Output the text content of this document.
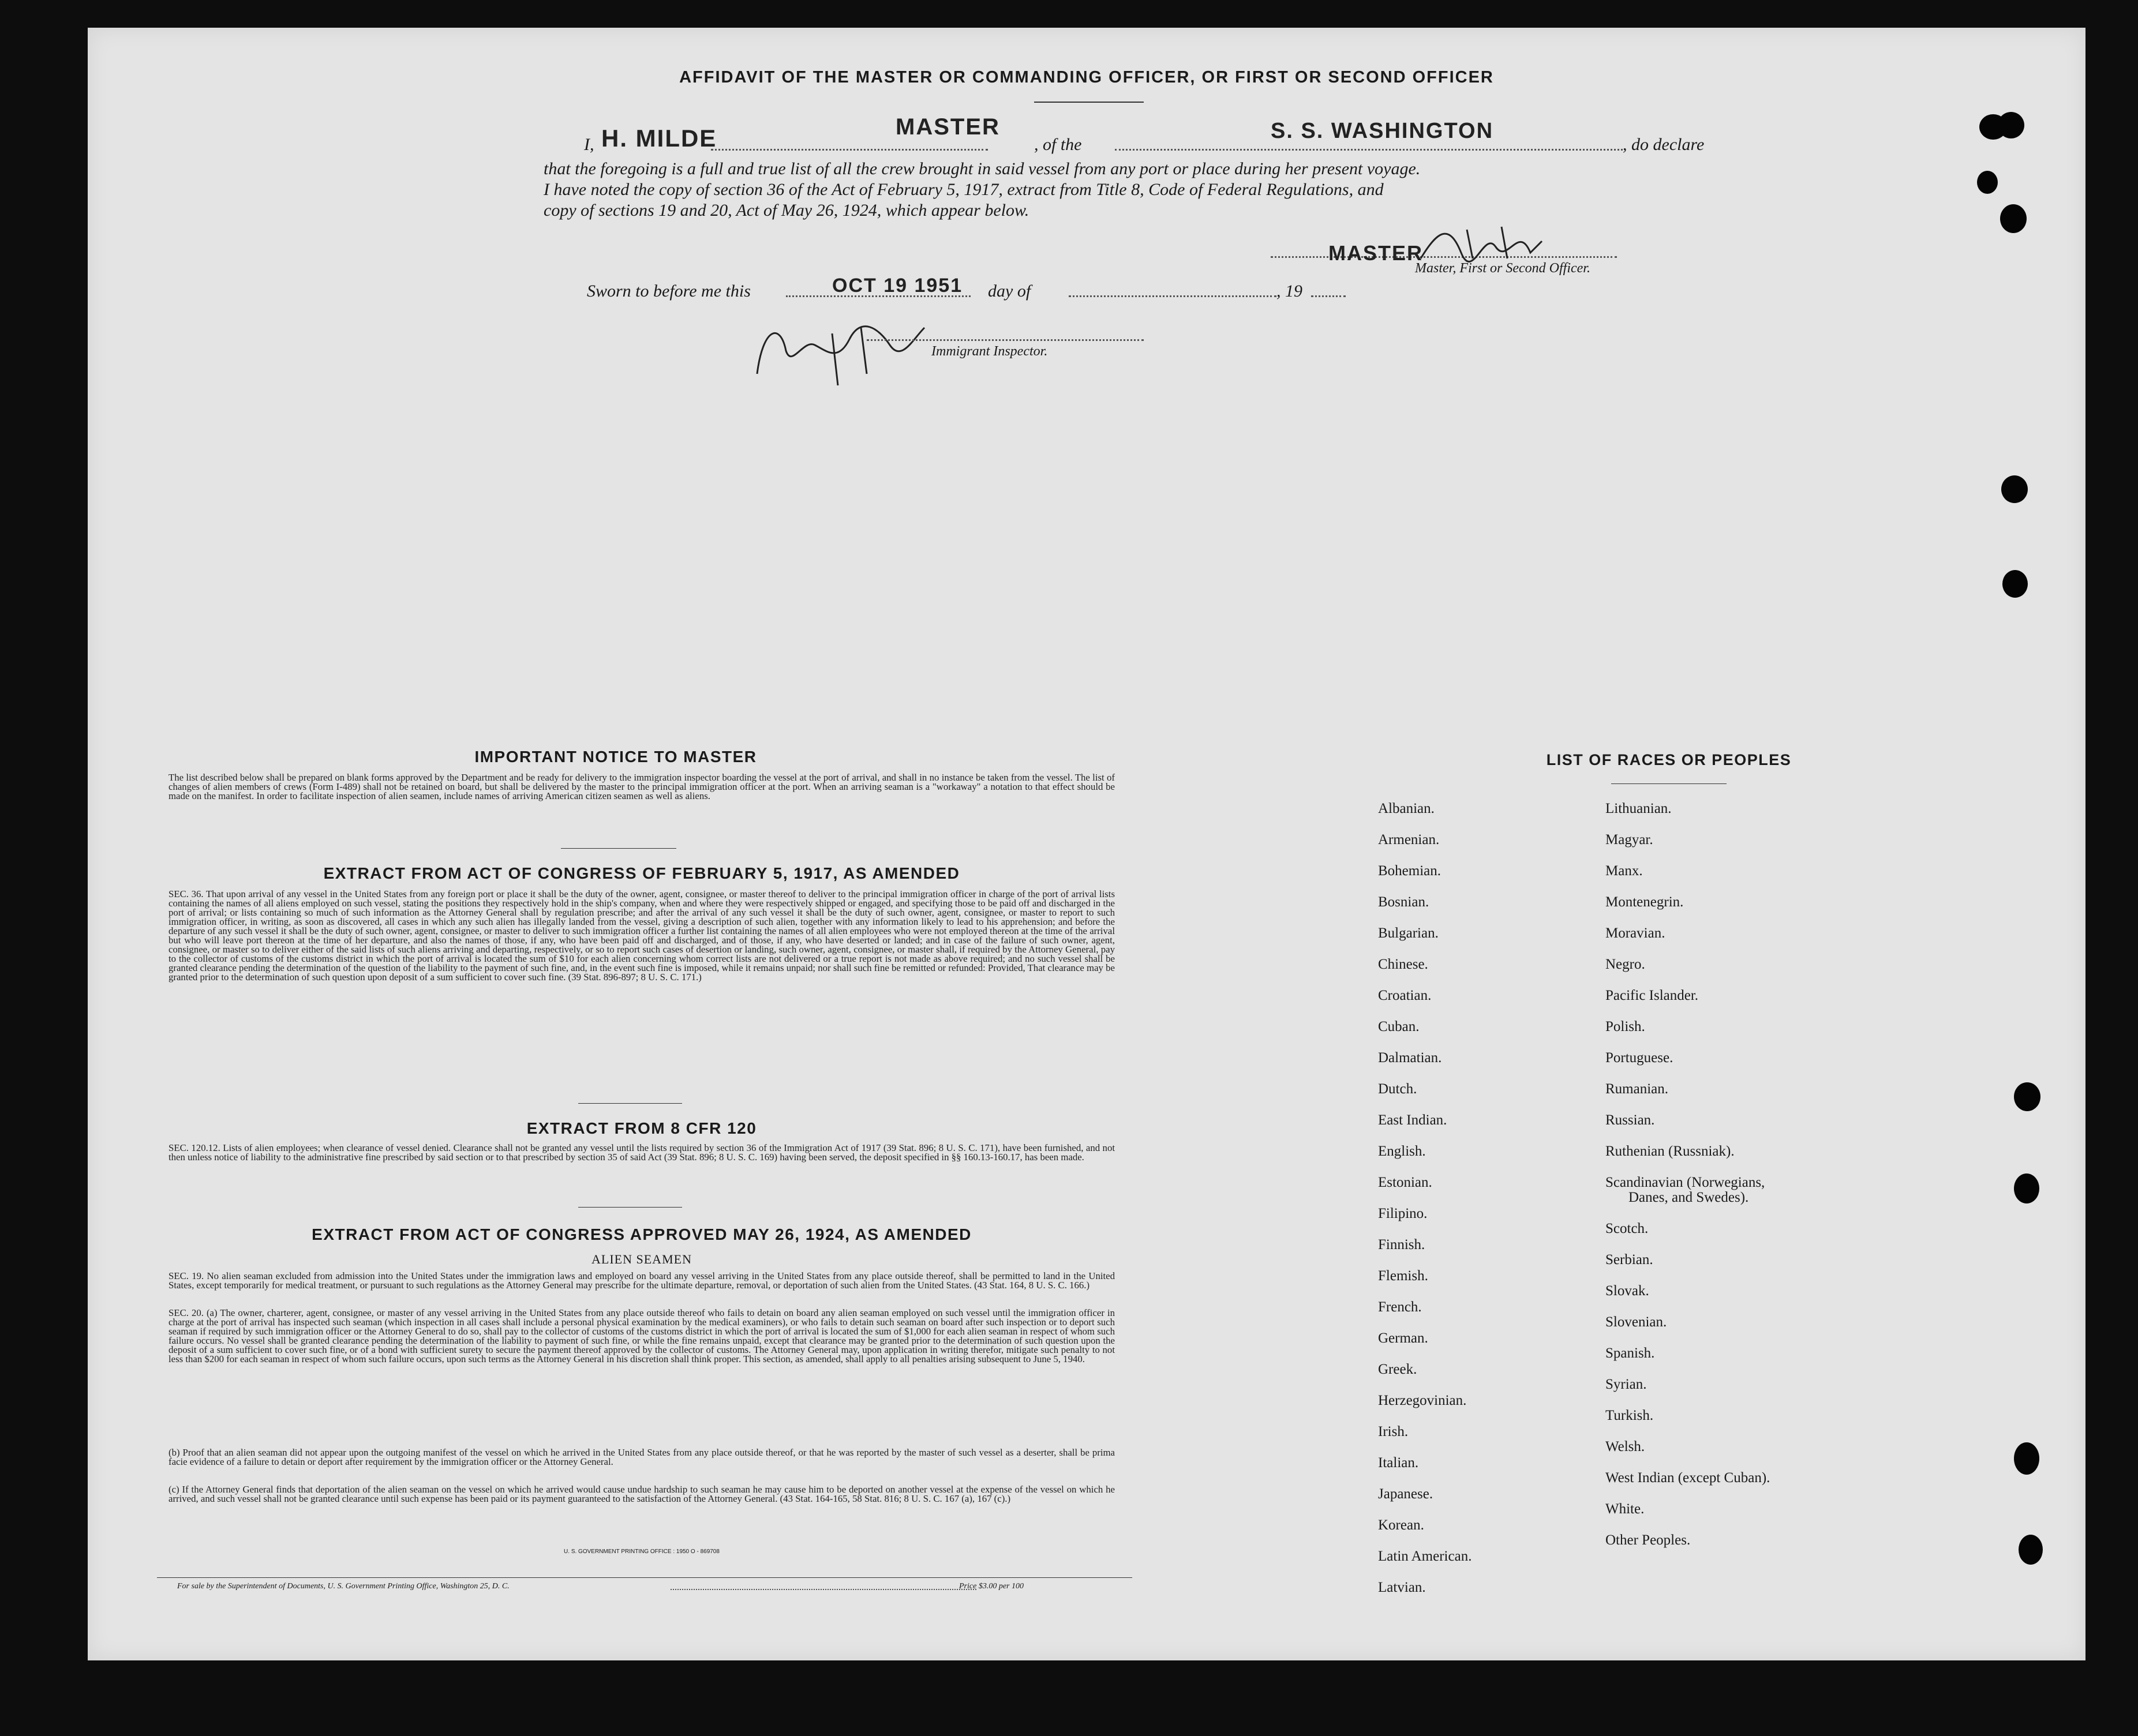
AFFIDAVIT OF THE MASTER OR COMMANDING OFFICER, OR FIRST OR SECOND OFFICER
I, H. MILDE	MASTER
, of the
S. S. WASHINGTON
, do declare
that the foregoing is a full and true list of all the crew brought in said vessel from any port or place during her present voyage.
I have noted the copy of section 36 of the Act of February 5, 1917, extract from Title 8, Code of Federal Regulations, and
copy of sections 19 and 20, Act of May 26, 1924, which appear below.
MASTER
Master, First or Second Officer.
Sworn to before me this	OCT 19 1951 day of	, 19
Immigrant Inspector.
IMPORTANT NOTICE TO MASTER
The list described below shall be prepared on blank forms approved by the Department and be ready for delivery to the immigration inspector boarding the vessel at the port of arrival, and shall in no instance be taken from the vessel. The list of changes of alien members of crews (Form I-489) shall not be retained on board, but shall be delivered by the master to the principal immigration officer at the port. When an arriving seaman is a "workaway" a notation to that effect should be made on the manifest. In order to facilitate inspection of alien seamen, include names of arriving American citizen seamen as well as aliens.
EXTRACT FROM ACT OF CONGRESS OF FEBRUARY 5, 1917, AS AMENDED
SEC. 36. That upon arrival of any vessel in the United States from any foreign port or place it shall be the duty of the owner, agent, consignee, or master thereof to deliver to the principal immigration officer in charge of the port of arrival lists containing the names of all aliens employed on such vessel, stating the positions they respectively hold in the ship's company, when and where they were respectively shipped or engaged, and specifying those to be paid off and discharged in the port of arrival; or lists containing so much of such information as the Attorney General shall by regulation prescribe; and after the arrival of any such vessel it shall be the duty of such owner, agent, consignee, or master to report to such immigration officer, in writing, as soon as discovered, all cases in which any such alien has illegally landed from the vessel, giving a description of such alien, together with any information likely to lead to his apprehension; and before the departure of any such vessel it shall be the duty of such owner, agent, consignee, or master to deliver to such immigration officer a further list containing the names of all alien employees who were not employed thereon at the time of the arrival but who will leave port thereon at the time of her departure, and also the names of those, if any, who have been paid off and discharged, and of those, if any, who have deserted or landed; and in case of the failure of such owner, agent, consignee, or master so to deliver either of the said lists of such aliens arriving and departing, respectively, or so to report such cases of desertion or landing, such owner, agent, consignee, or master shall, if required by the Attorney General, pay to the collector of customs of the customs district in which the port of arrival is located the sum of $10 for each alien concerning whom correct lists are not delivered or a true report is not made as above required; and no such vessel shall be granted clearance pending the determination of the question of the liability to the payment of such fine, and, in the event such fine is imposed, while it remains unpaid; nor shall such fine be remitted or refunded: Provided, That clearance may be granted prior to the determination of such question upon deposit of a sum sufficient to cover such fine. (39 Stat. 896-897; 8 U. S. C. 171.)
EXTRACT FROM 8 CFR 120
SEC. 120.12. Lists of alien employees; when clearance of vessel denied. Clearance shall not be granted any vessel until the lists required by section 36 of the Immigration Act of 1917 (39 Stat. 896; 8 U. S. C. 171), have been furnished, and not then unless notice of liability to the administrative fine prescribed by said section or to that prescribed by section 35 of said Act (39 Stat. 896; 8 U. S. C. 169) having been served, the deposit specified in §§ 160.13-160.17, has been made.
EXTRACT FROM ACT OF CONGRESS APPROVED MAY 26, 1924, AS AMENDED
ALIEN SEAMEN
SEC. 19. No alien seaman excluded from admission into the United States under the immigration laws and employed on board any vessel arriving in the United States from any place outside thereof, shall be permitted to land in the United States, except temporarily for medical treatment, or pursuant to such regulations as the Attorney General may prescribe for the ultimate departure, removal, or deportation of such alien from the United States. (43 Stat. 164, 8 U. S. C. 166.)
SEC. 20. (a) The owner, charterer, agent, consignee, or master of any vessel arriving in the United States from any place outside thereof who fails to detain on board any alien seaman employed on such vessel until the immigration officer in charge at the port of arrival has inspected such seaman (which inspection in all cases shall include a personal physical examination by the medical examiners), or who fails to detain such seaman on board after such inspection or to deport such seaman if required by such immigration officer or the Attorney General to do so, shall pay to the collector of customs of the customs district in which the port of arrival is located the sum of $1,000 for each alien seaman in respect of whom such failure occurs. No vessel shall be granted clearance pending the determination of the liability to payment of such fine, or while the fine remains unpaid, except that clearance may be granted prior to the determination of such question upon the deposit of a sum sufficient to cover such fine, or of a bond with sufficient surety to secure the payment thereof approved by the collector of customs. The Attorney General may, upon application in writing therefor, mitigate such penalty to not less than $200 for each seaman in respect of whom such failure occurs, upon such terms as the Attorney General in his discretion shall think proper. This section, as amended, shall apply to all penalties arising subsequent to June 5, 1940.
(b) Proof that an alien seaman did not appear upon the outgoing manifest of the vessel on which he arrived in the United States from any place outside thereof, or that he was reported by the master of such vessel as a deserter, shall be prima facie evidence of a failure to detain or deport after requirement by the immigration officer or the Attorney General.
(c) If the Attorney General finds that deportation of the alien seaman on the vessel on which he arrived would cause undue hardship to such seaman he may cause him to be deported on another vessel at the expense of the vessel on which he arrived, and such vessel shall not be granted clearance until such expense has been paid or its payment guaranteed to the satisfaction of the Attorney General. (43 Stat. 164-165, 58 Stat. 816; 8 U. S. C. 167 (a), 167 (c).)
U. S. GOVERNMENT PRINTING OFFICE : 1950 O - 869708
For sale by the Superintendent of Documents, U. S. Government Printing Office, Washington 25, D. C.	Price $3.00 per 100
LIST OF RACES OR PEOPLES
Albanian.
Armenian.
Bohemian.
Bosnian.
Bulgarian.
Chinese.
Croatian.
Cuban.
Dalmatian.
Dutch.
East Indian.
English.
Estonian.
Filipino.
Finnish.
Flemish.
French.
German.
Greek.
Herzegovinian.
Irish.
Italian.
Japanese.
Korean.
Latin American.
Latvian.
Lithuanian.
Magyar.
Manx.
Montenegrin.
Moravian.
Negro.
Pacific Islander.
Polish.
Portuguese.
Rumanian.
Russian.
Ruthenian (Russniak).
Scandinavian (Norwegians,
Danes, and Swedes).
Scotch.
Serbian.
Slovak.
Slovenian.
Spanish.
Syrian.
Turkish.
Welsh.
West Indian (except Cuban).
White.
Other Peoples.
